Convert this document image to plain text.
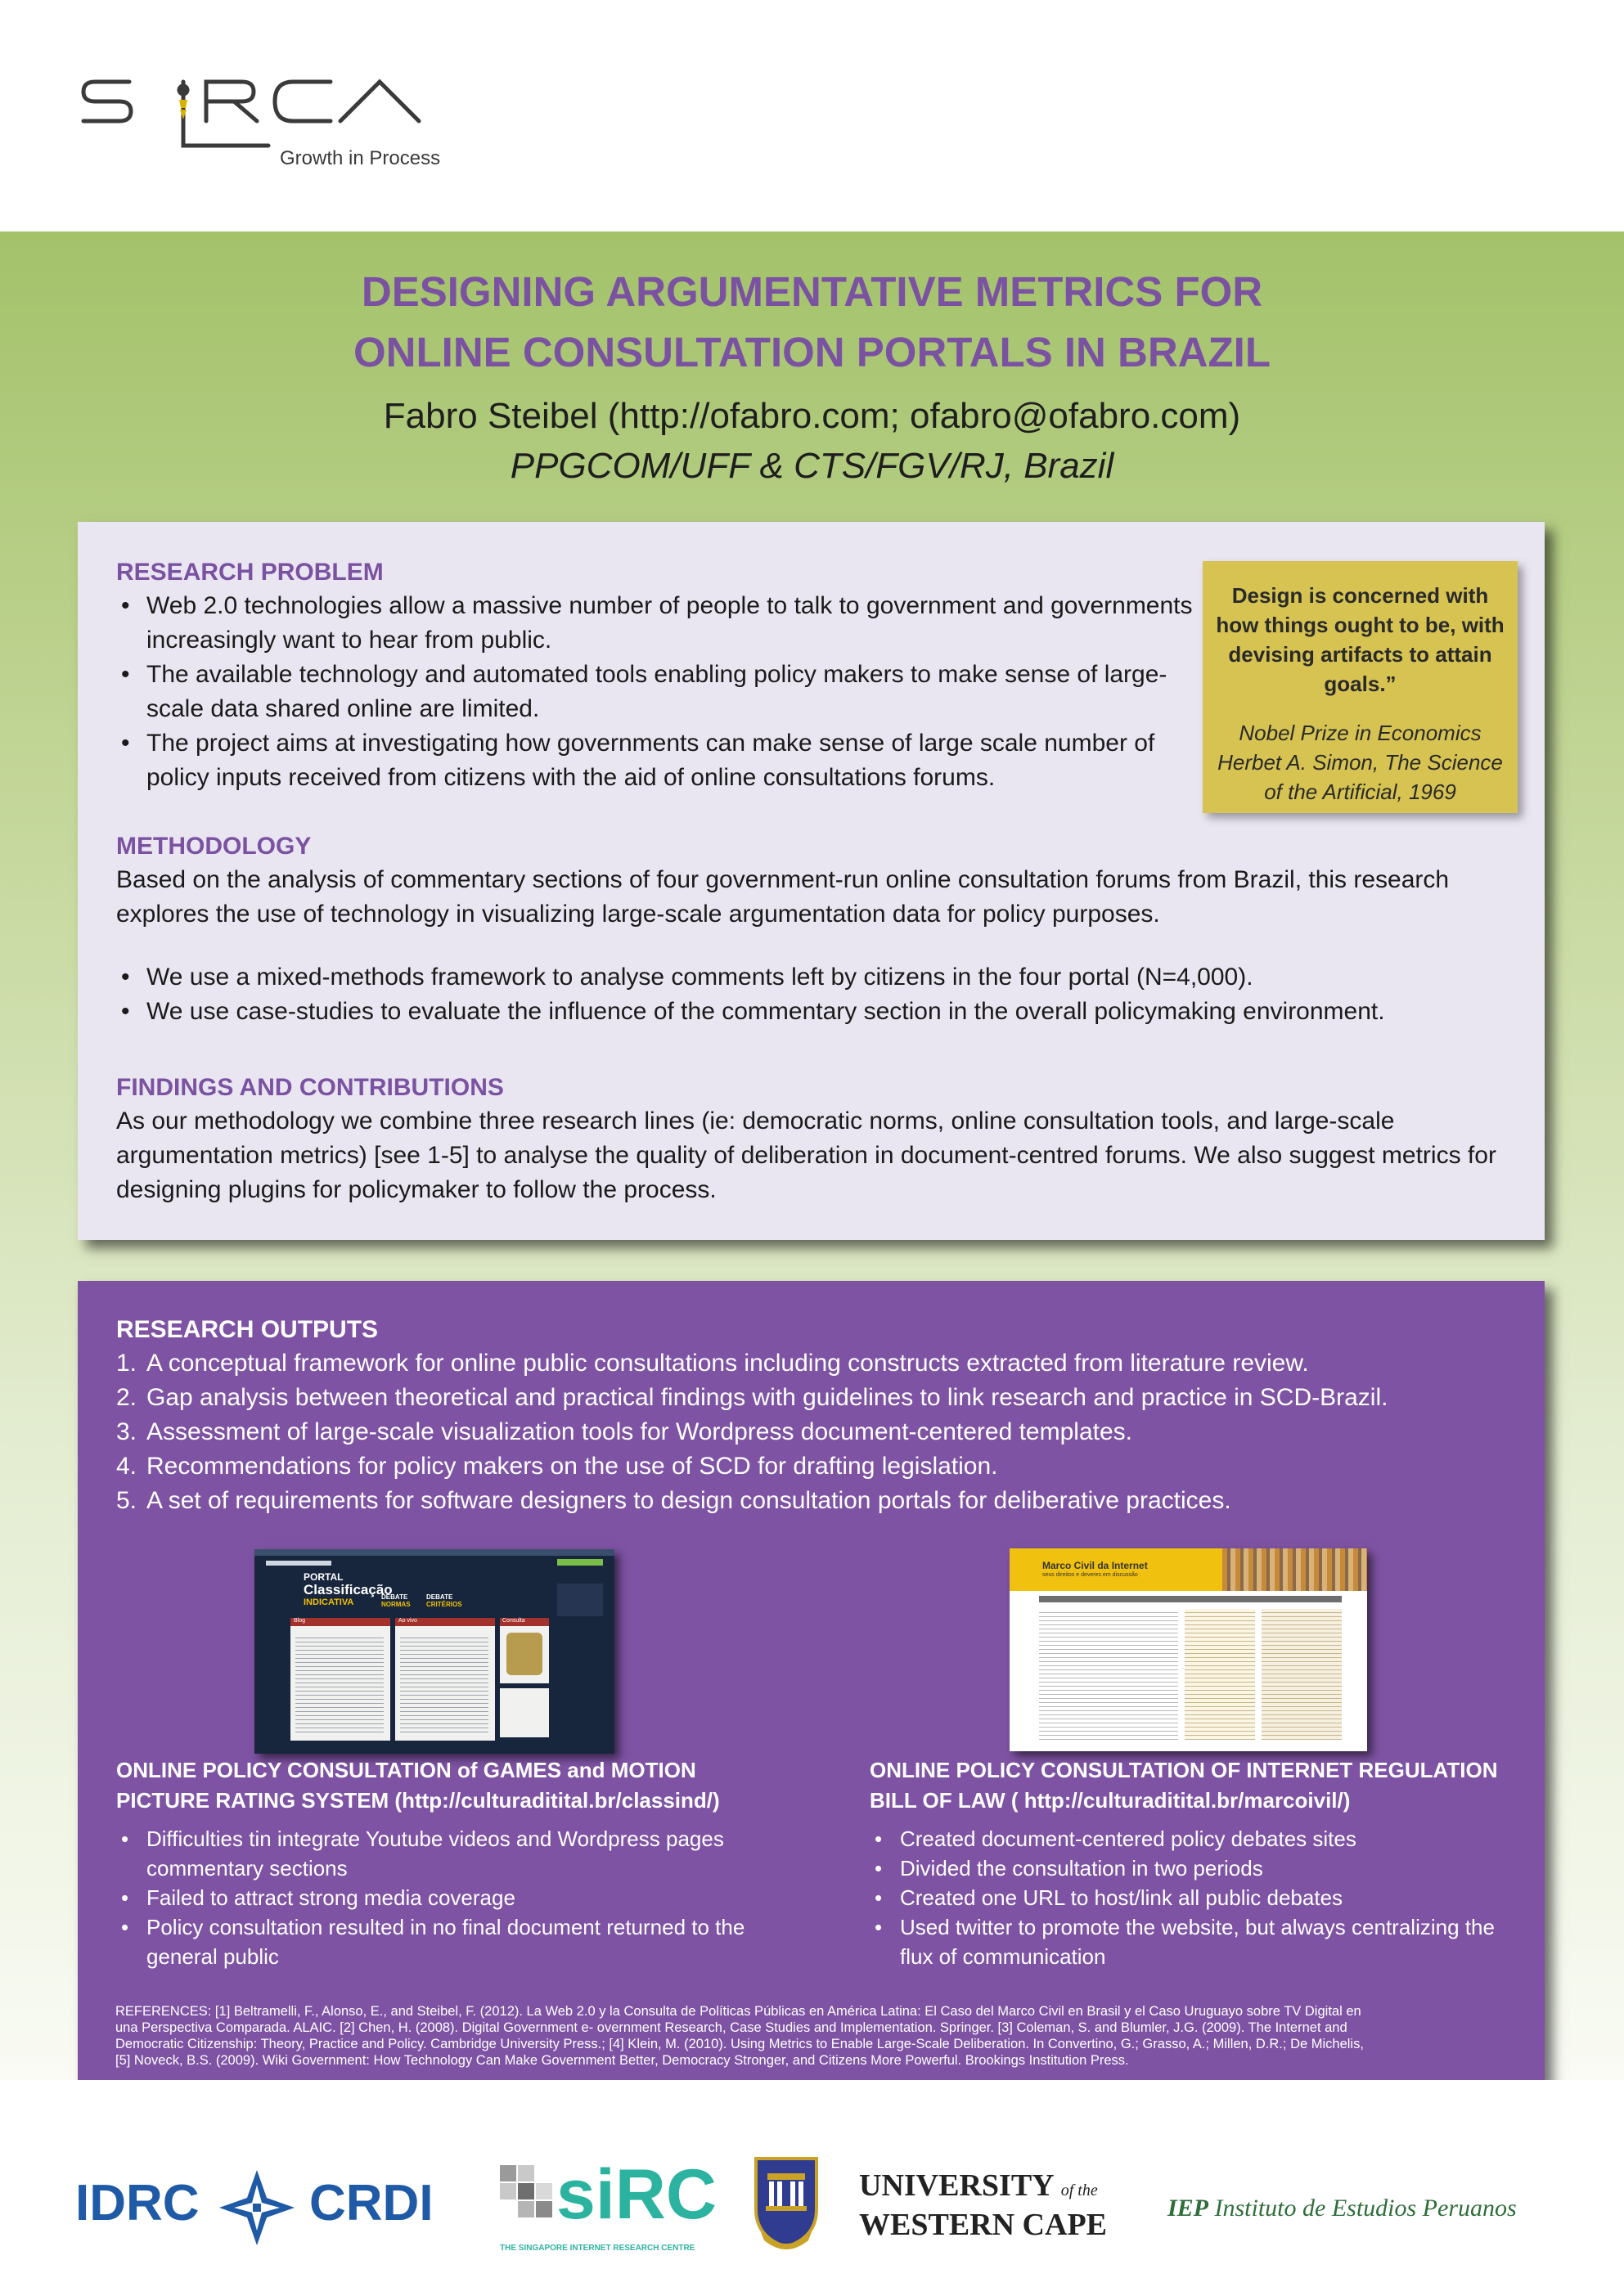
SIRCA
Growth in Process
DESIGNING ARGUMENTATIVE METRICS FOR
ONLINE CONSULTATION PORTALS IN BRAZIL
Fabro Steibel (http://ofabro.com; ofabro@ofabro.com)
PPGCOM/UFF & CTS/FGV/RJ, Brazil

RESEARCH PROBLEM

• Web 2.0 technologies allow a massive number of people to talk to government and governments increasingly want to hear from public.
• The available technology and automated tools enabling policy makers to make sense of large-scale data shared online are limited.
• The project aims at investigating how governments can make sense of large scale number of policy inputs received from citizens with the aid of online consultations forums.

Design is concerned with how things ought to be, with devising artifacts to attain goals.”

Nobel Prize in Economics Herbet A. Simon, The Science of the Artificial, 1969

METHODOLOGY

Based on the analysis of commentary sections of four government-run online consultation forums from Brazil, this research explores the use of technology in visualizing large-scale argumentation data for policy purposes.

• We use a mixed-methods framework to analyse comments left by citizens in the four portal (N=4,000).
• We use case-studies to evaluate the influence of the commentary section in the overall policymaking environment.

FINDINGS AND CONTRIBUTIONS

As our methodology we combine three research lines (ie: democratic norms, online consultation tools, and large-scale argumentation metrics) [see 1-5] to analyse the quality of deliberation in document-centred forums. We also suggest metrics for designing plugins for policymaker to follow the process.

RESEARCH OUTPUTS

1. A conceptual framework for online public consultations including constructs extracted from literature review.
2. Gap analysis between theoretical and practical findings with guidelines to link research and practice in SCD-Brazil.
3. Assessment of large-scale visualization tools for Wordpress document-centered templates.
4. Recommendations for policy makers on the use of SCD for drafting legislation.
5. A set of requirements for software designers to design consultation portals for deliberative practices.
PORTAL
Classificação
INDICATIVA
DEBATE
NORMAS
DEBATE
CRITÉRIOS
Blog	Ao vivo	Consulta
Marco Civil da Internet
seus direitos e deveres em discussão

ONLINE POLICY CONSULTATION of GAMES and MOTION
PICTURE RATING SYSTEM (http://culturaditital.br/classind/)

• Difficulties tin integrate Youtube videos and Wordpress pages commentary sections
• Failed to attract strong media coverage
• Policy consultation resulted in no final document returned to the general public

ONLINE POLICY CONSULTATION OF INTERNET REGULATION
BILL OF LAW ( http://culturaditital.br/marcoivil/)

• Created document-centered policy debates sites
• Divided the consultation in two periods
• Created one URL to host/link all public debates
• Used twitter to promote the website, but always centralizing the flux of communication
REFERENCES: [1] Beltramelli, F., Alonso, E., and Steibel, F. (2012). La Web 2.0 y la Consulta de Políticas Públicas en América Latina: El Caso del Marco Civil en Brasil y el Caso Uruguayo sobre TV Digital en
una Perspectiva Comparada. ALAIC. [2] Chen, H. (2008). Digital Government e- overnment Research, Case Studies and Implementation. Springer. [3] Coleman, S. and Blumler, J.G. (2009). The Internet and
Democratic Citizenship: Theory, Practice and Policy. Cambridge University Press.; [4] Klein, M. (2010). Using Metrics to Enable Large-Scale Deliberation. In Convertino, G.; Grasso, A.; Millen, D.R.; De Michelis,
[5] Noveck, B.S. (2009). Wiki Government: How Technology Can Make Government Better, Democracy Stronger, and Citizens More Powerful. Brookings Institution Press.
IDRC CRDI siRC
THE SINGAPORE INTERNET RESEARCH CENTRE
UNIVERSITY of the
WESTERN CAPE IEP Instituto de Estudios Peruanos
